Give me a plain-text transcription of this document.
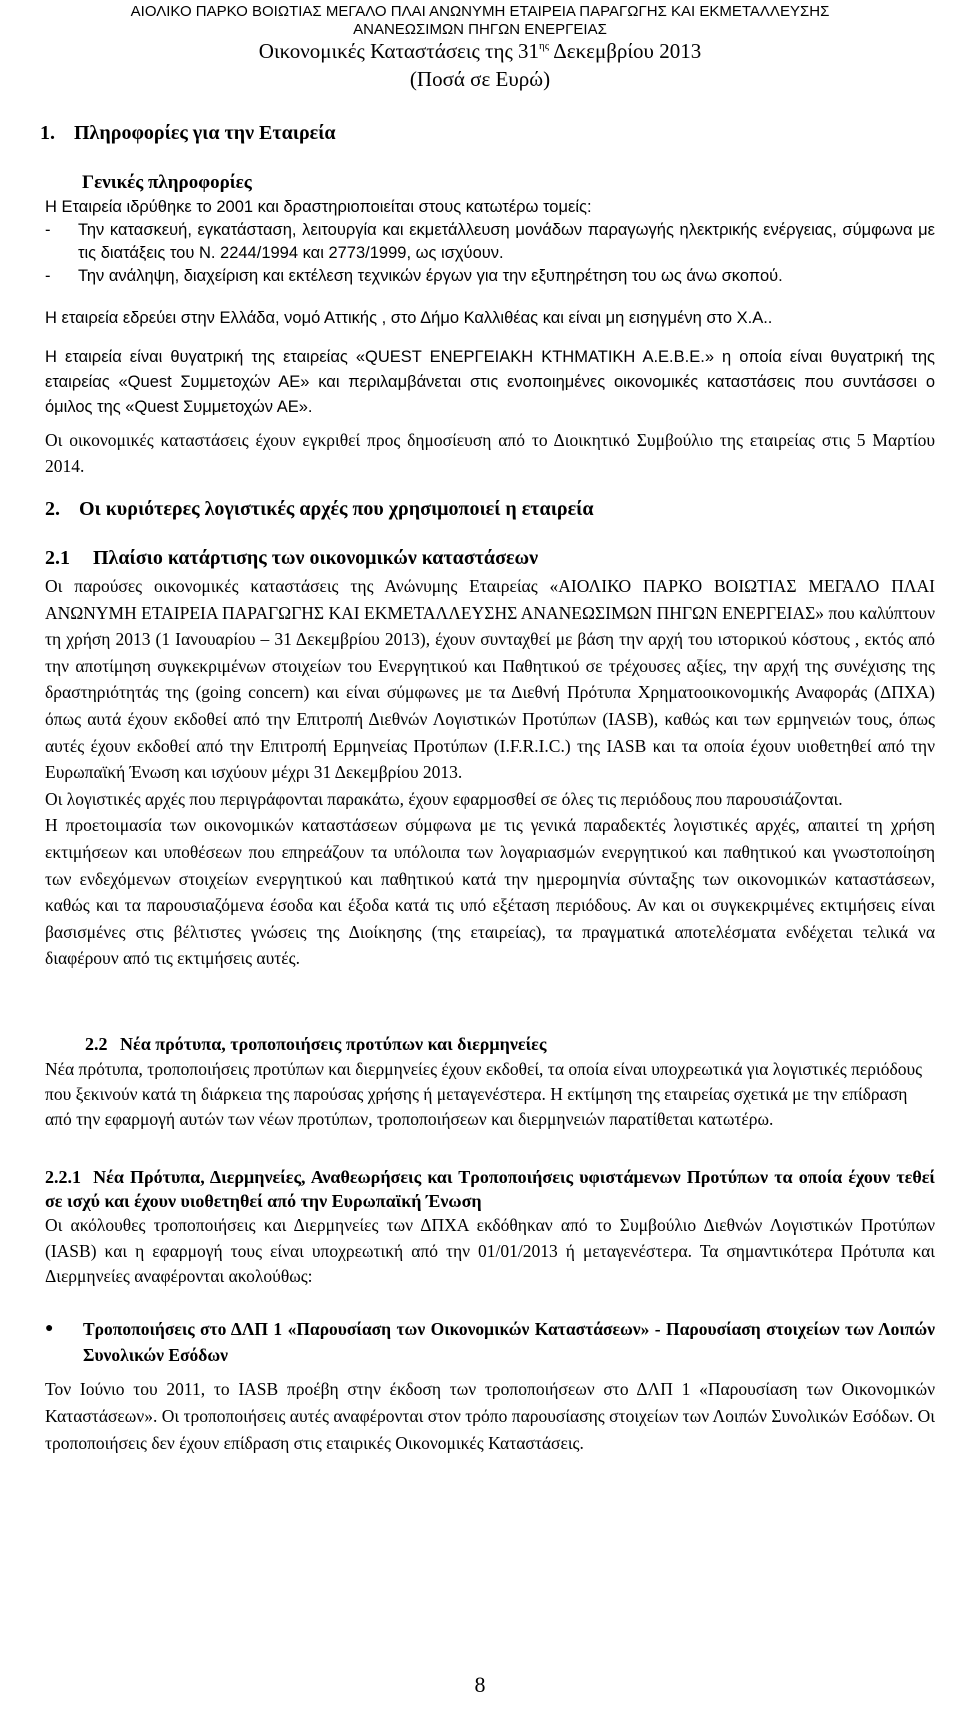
ΑΙΟΛΙΚΟ ΠΑΡΚΟ ΒΟΙΩΤΙΑΣ ΜΕΓΑΛΟ ΠΛΑΙ ΑΝΩΝΥΜΗ ΕΤΑΙΡΕΙΑ ΠΑΡΑΓΩΓΗΣ ΚΑΙ ΕΚΜΕΤΑΛΛΕΥΣΗΣ
ΑΝΑΝΕΩΣΙΜΩΝ ΠΗΓΩΝ ΕΝΕΡΓΕΙΑΣ
Οικονομικές Καταστάσεις της $31^{\eta\varsigma}$ Δεκεμβρίου 2013
(Ποσά σε Ευρώ)
1. Πληροφορίες για την Εταιρεία
Γενικές πληροφορίες
Η Εταιρεία ιδρύθηκε το 2001 και δραστηριοποιείται στους κατωτέρω τομείς:
- Την κατασκευή, εγκατάσταση, λειτουργία και εκμετάλλευση μονάδων παραγωγής ηλεκτρικής ενέργειας, σύμφωνα με τις διατάξεις του Ν. 2244/1994 και 2773/1999, ως ισχύουν.
- Την ανάληψη, διαχείριση και εκτέλεση τεχνικών έργων για την εξυπηρέτηση του ως άνω σκοπού.
Η εταιρεία εδρεύει στην Ελλάδα, νομό Αττικής , στο Δήμο Καλλιθέας και είναι μη εισηγμένη στο Χ.Α..
Η εταιρεία είναι θυγατρική της εταιρείας «QUEST ΕΝΕΡΓΕΙΑΚΗ ΚΤΗΜΑΤΙΚΗ Α.Ε.Β.Ε.» η οποία είναι θυγατρική της εταιρείας «Quest Συμμετοχών ΑΕ» και περιλαμβάνεται στις ενοποιημένες οικονομικές καταστάσεις που συντάσσει ο όμιλος της «Quest Συμμετοχών ΑΕ».
Οι οικονομικές καταστάσεις έχουν εγκριθεί προς δημοσίευση από το Διοικητικό Συμβούλιο της εταιρείας στις 5 Μαρτίου 2014.
2. Οι κυριότερες λογιστικές αρχές που χρησιμοποιεί η εταιρεία
2.1 Πλαίσιο κατάρτισης των οικονομικών καταστάσεων
Οι παρούσες οικονομικές καταστάσεις της Ανώνυμης Εταιρείας «ΑΙΟΛΙΚΟ ΠΑΡΚΟ ΒΟΙΩΤΙΑΣ ΜΕΓΑΛΟ ΠΛΑΙ ΑΝΩΝΥΜΗ ΕΤΑΙΡΕΙΑ ΠΑΡΑΓΩΓΗΣ ΚΑΙ ΕΚΜΕΤΑΛΛΕΥΣΗΣ ΑΝΑΝΕΩΣΙΜΩΝ ΠΗΓΩΝ ΕΝΕΡΓΕΙΑΣ» που καλύπτουν τη χρήση 2013 (1 Ιανουαρίου – 31 Δεκεμβρίου 2013), έχουν συνταχθεί με βάση την αρχή του ιστορικού κόστους , εκτός από την αποτίμηση συγκεκριμένων στοιχείων του Ενεργητικού και Παθητικού σε τρέχουσες αξίες, την αρχή της συνέχισης της δραστηριότητάς της (going concern) και είναι σύμφωνες με τα Διεθνή Πρότυπα Χρηματοοικονομικής Αναφοράς (ΔΠΧΑ) όπως αυτά έχουν εκδοθεί από την Επιτροπή Διεθνών Λογιστικών Προτύπων (IASB), καθώς και των ερμηνειών τους, όπως αυτές έχουν εκδοθεί από την Επιτροπή Ερμηνείας Προτύπων (I.F.R.I.C.) της IASB και τα οποία έχουν υιοθετηθεί από την Ευρωπαϊκή Ένωση και ισχύουν μέχρι 31 Δεκεμβρίου 2013.
Οι λογιστικές αρχές που περιγράφονται παρακάτω, έχουν εφαρμοσθεί σε όλες τις περιόδους που παρουσιάζονται.
Η προετοιμασία των οικονομικών καταστάσεων σύμφωνα με τις γενικά παραδεκτές λογιστικές αρχές, απαιτεί τη χρήση εκτιμήσεων και υποθέσεων που επηρεάζουν τα υπόλοιπα των λογαριασμών ενεργητικού και παθητικού και γνωστοποίηση των ενδεχόμενων στοιχείων ενεργητικού και παθητικού κατά την ημερομηνία σύνταξης των οικονομικών καταστάσεων, καθώς και τα παρουσιαζόμενα έσοδα και έξοδα κατά τις υπό εξέταση περιόδους. Αν και οι συγκεκριμένες εκτιμήσεις είναι βασισμένες στις βέλτιστες γνώσεις της Διοίκησης (της εταιρείας), τα πραγματικά αποτελέσματα ενδέχεται τελικά να διαφέρουν από τις εκτιμήσεις αυτές.
2.2 Νέα πρότυπα, τροποποιήσεις προτύπων και διερμηνείες
Νέα πρότυπα, τροποποιήσεις προτύπων και διερμηνείες έχουν εκδοθεί, τα οποία είναι υποχρεωτικά για λογιστικές περιόδους που ξεκινούν κατά τη διάρκεια της παρούσας χρήσης ή μεταγενέστερα. Η εκτίμηση της εταιρείας σχετικά με την επίδραση από την εφαρμογή αυτών των νέων προτύπων, τροποποιήσεων και διερμηνειών παρατίθεται κατωτέρω.
2.2.1 Νέα Πρότυπα, Διερμηνείες, Αναθεωρήσεις και Τροποποιήσεις υφιστάμενων Προτύπων τα οποία έχουν τεθεί σε ισχύ και έχουν υιοθετηθεί από την Ευρωπαϊκή Ένωση
Οι ακόλουθες τροποποιήσεις και Διερμηνείες των ΔΠΧΑ εκδόθηκαν από το Συμβούλιο Διεθνών Λογιστικών Προτύπων (IASB) και η εφαρμογή τους είναι υποχρεωτική από την 01/01/2013 ή μεταγενέστερα. Τα σημαντικότερα Πρότυπα και Διερμηνείες αναφέρονται ακολούθως:
●	Τροποποιήσεις στο ΔΛΠ 1 «Παρουσίαση των Οικονομικών Καταστάσεων» - Παρουσίαση στοιχείων των Λοιπών Συνολικών Εσόδων
Τον Ιούνιο του 2011, το IASB προέβη στην έκδοση των τροποποιήσεων στο ΔΛΠ 1 «Παρουσίαση των Οικονομικών Καταστάσεων». Οι τροποποιήσεις αυτές αναφέρονται στον τρόπο παρουσίασης στοιχείων των Λοιπών Συνολικών Εσόδων. Οι τροποποιήσεις δεν έχουν επίδραση στις εταιρικές Οικονομικές Καταστάσεις.
8
